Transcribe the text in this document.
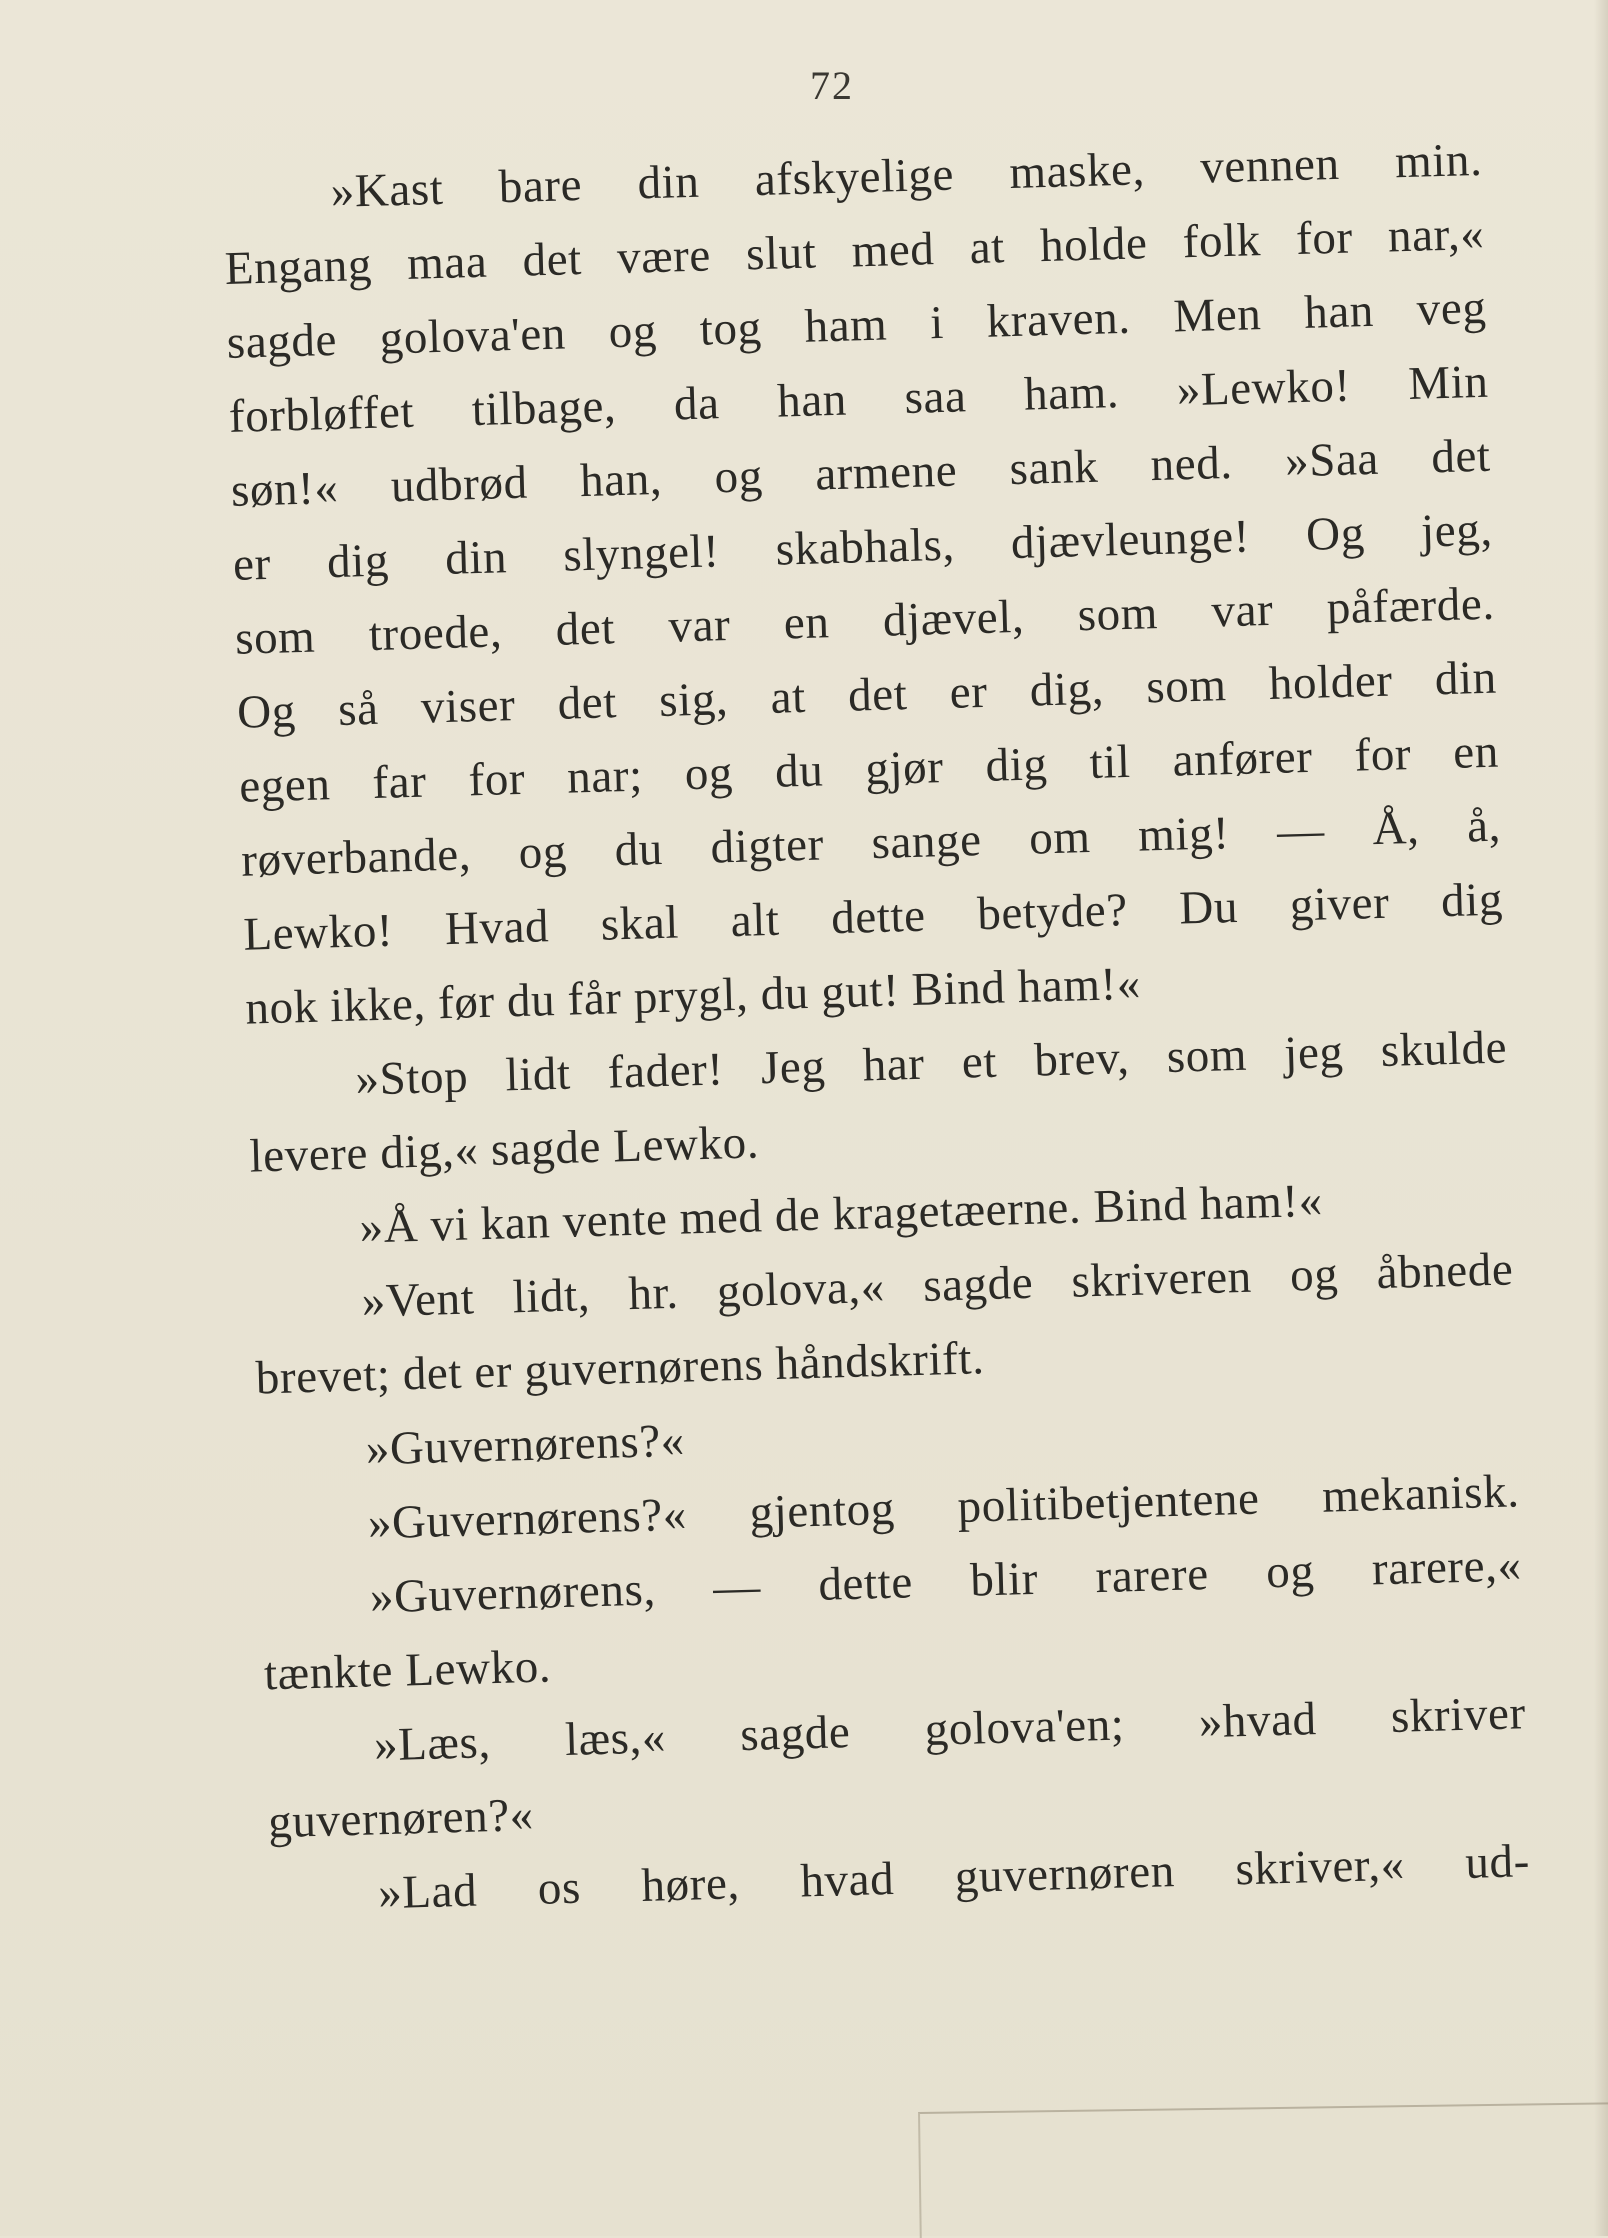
72
»Kast bare din afskyelige maske, vennen min.
Engang maa det være slut med at holde folk for nar,«
sagde golova'en og tog ham i kraven. Men han veg
forbløffet tilbage, da han saa ham. »Lewko! Min
søn!« udbrød han, og armene sank ned. »Saa det
er dig din slyngel! skabhals, djævleunge! Og jeg,
som troede, det var en djævel, som var påfærde.
Og så viser det sig, at det er dig, som holder din
egen far for nar; og du gjør dig til anfører for en
røverbande, og du digter sange om mig! — Å, å,
Lewko! Hvad skal alt dette betyde? Du giver dig
nok ikke, før du får prygl, du gut! Bind ham!«
»Stop lidt fader! Jeg har et brev, som jeg skulde
levere dig,« sagde Lewko.
»Å vi kan vente med de kragetæerne. Bind ham!«
»Vent lidt, hr. golova,« sagde skriveren og åbnede
brevet; det er guvernørens håndskrift.
»Guvernørens?«
»Guvernørens?« gjentog politibetjentene mekanisk.
»Guvernørens, — dette blir rarere og rarere,«
tænkte Lewko.
»Læs, læs,« sagde golova'en; »hvad skriver
guvernøren?«
»Lad os høre, hvad guvernøren skriver,« ud-
